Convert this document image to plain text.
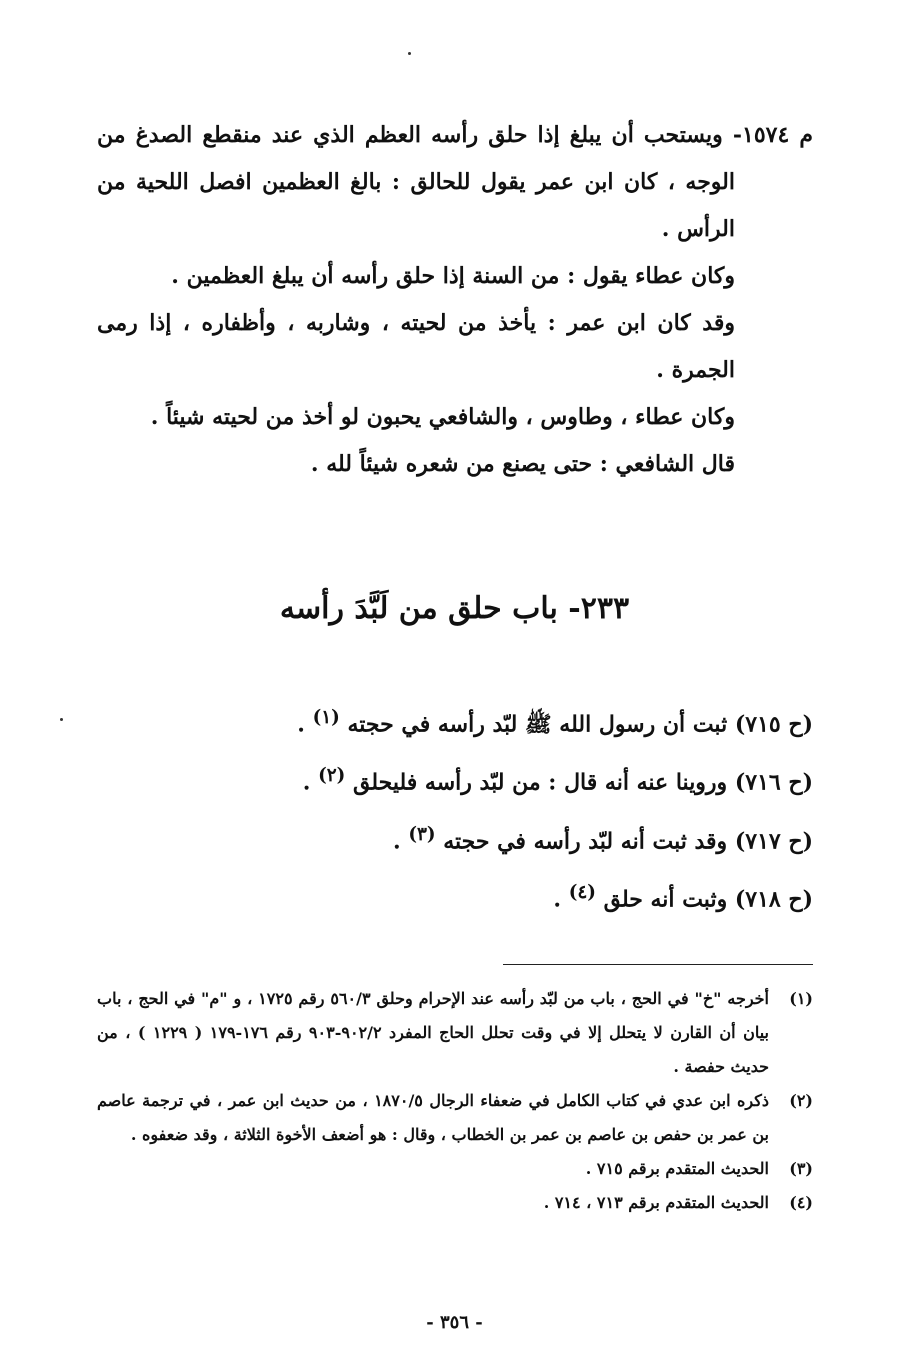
م ١٥٧٤- ويستحب أن يبلغ إذا حلق رأسه العظم الذي عند منقطع الصدغ من الوجه ، كان ابن عمر يقول للحالق : بالغ العظمين افصل اللحية من الرأس .

وكان عطاء يقول : من السنة إذا حلق رأسه أن يبلغ العظمين .

وقد كان ابن عمر : يأخذ من لحيته ، وشاربه ، وأظفاره ، إذا رمى الجمرة .

وكان عطاء ، وطاوس ، والشافعي يحبون لو أخذ من لحيته شيئاً .

قال الشافعي : حتى يصنع من شعره شيئاً لله .

٢٣٣- باب حلق من لَبَّدَ رأسه

(ح ٧١٥) ثبت أن رسول الله ﷺ لبّد رأسه في حجته $^{(١)}$ .

(ح ٧١٦) وروينا عنه أنه قال : من لبّد رأسه فليحلق $^{(٢)}$ .

(ح ٧١٧) وقد ثبت أنه لبّد رأسه في حجته $^{(٣)}$ .

(ح ٧١٨) وثبت أنه حلق $^{(٤)}$ .

(١)
أخرجه "خ" في الحج ، باب من لبّد رأسه عند الإحرام وحلق ٥٦٠/٣ رقم ١٧٢٥ ، و "م" في الحج ، باب بيان أن القارن لا يتحلل إلا في وقت تحلل الحاج المفرد ٩٠٢/٢-٩٠٣ رقم ١٧٦-١٧٩ ( ١٢٢٩ ) ، من حديث حفصة .
(٢)
ذكره ابن عدي في كتاب الكامل في ضعفاء الرجال ١٨٧٠/٥ ، من حديث ابن عمر ، في ترجمة عاصم بن عمر بن حفص بن عاصم بن عمر بن الخطاب ، وقال : هو أضعف الأخوة الثلاثة ، وقد ضعفوه .
(٣)
الحديث المتقدم برقم ٧١٥ .
(٤)
الحديث المتقدم برقم ٧١٣ ، ٧١٤ .
- ٣٥٦ -
